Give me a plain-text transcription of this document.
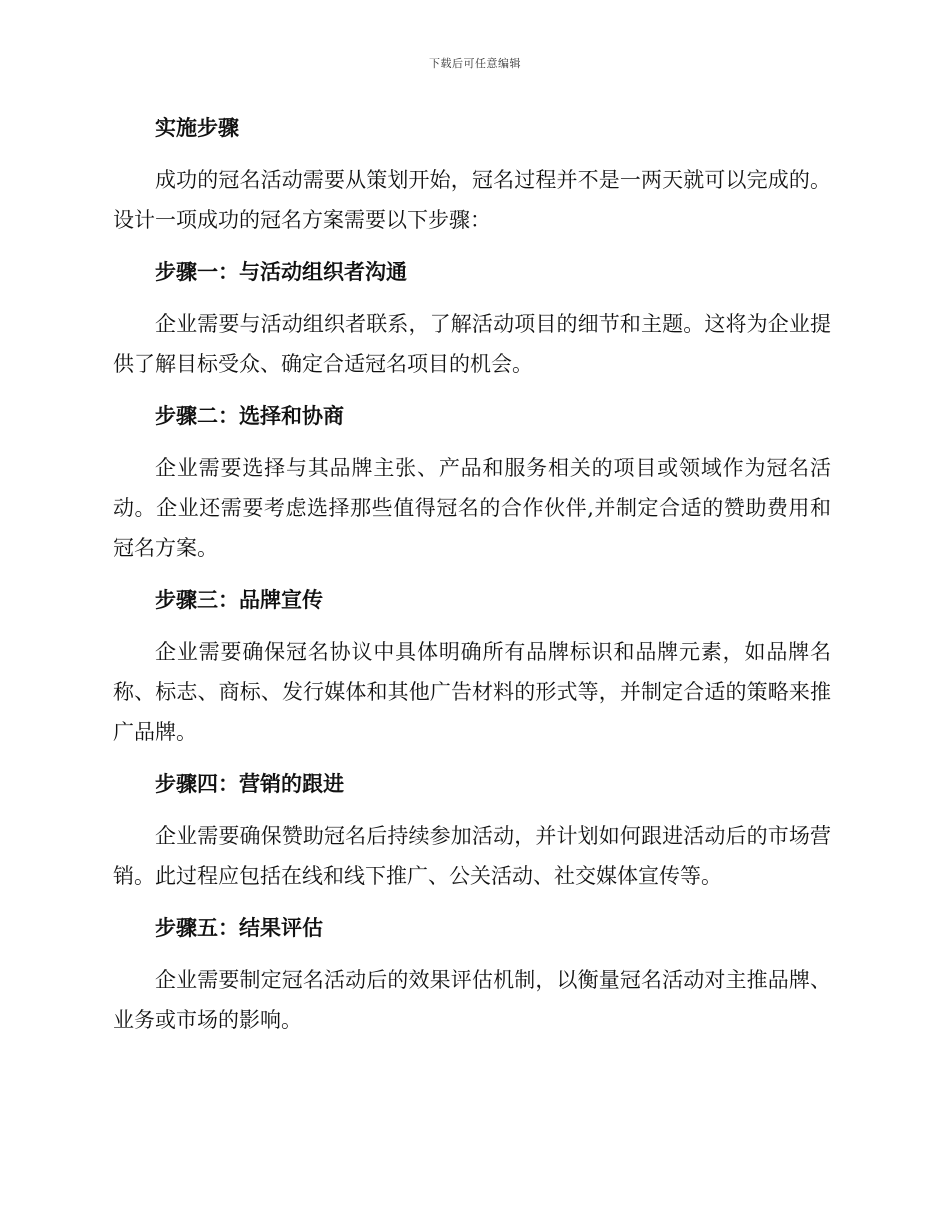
下载后可任意编辑
实施步骤

成功的冠名活动需要从策划开始，冠名过程并不是一两天就可以完成的。设计一项成功的冠名方案需要以下步骤：

步骤一：与活动组织者沟通

企业需要与活动组织者联系，了解活动项目的细节和主题。这将为企业提供了解目标受众、确定合适冠名项目的机会。

步骤二：选择和协商

企业需要选择与其品牌主张、产品和服务相关的项目或领域作为冠名活动。企业还需要考虑选择那些值得冠名的合作伙伴,并制定合适的赞助费用和冠名方案。

步骤三：品牌宣传

企业需要确保冠名协议中具体明确所有品牌标识和品牌元素，如品牌名称、标志、商标、发行媒体和其他广告材料的形式等，并制定合适的策略来推广品牌。

步骤四：营销的跟进

企业需要确保赞助冠名后持续参加活动，并计划如何跟进活动后的市场营销。此过程应包括在线和线下推广、公关活动、社交媒体宣传等。

步骤五：结果评估

企业需要制定冠名活动后的效果评估机制，以衡量冠名活动对主推品牌、业务或市场的影响。
